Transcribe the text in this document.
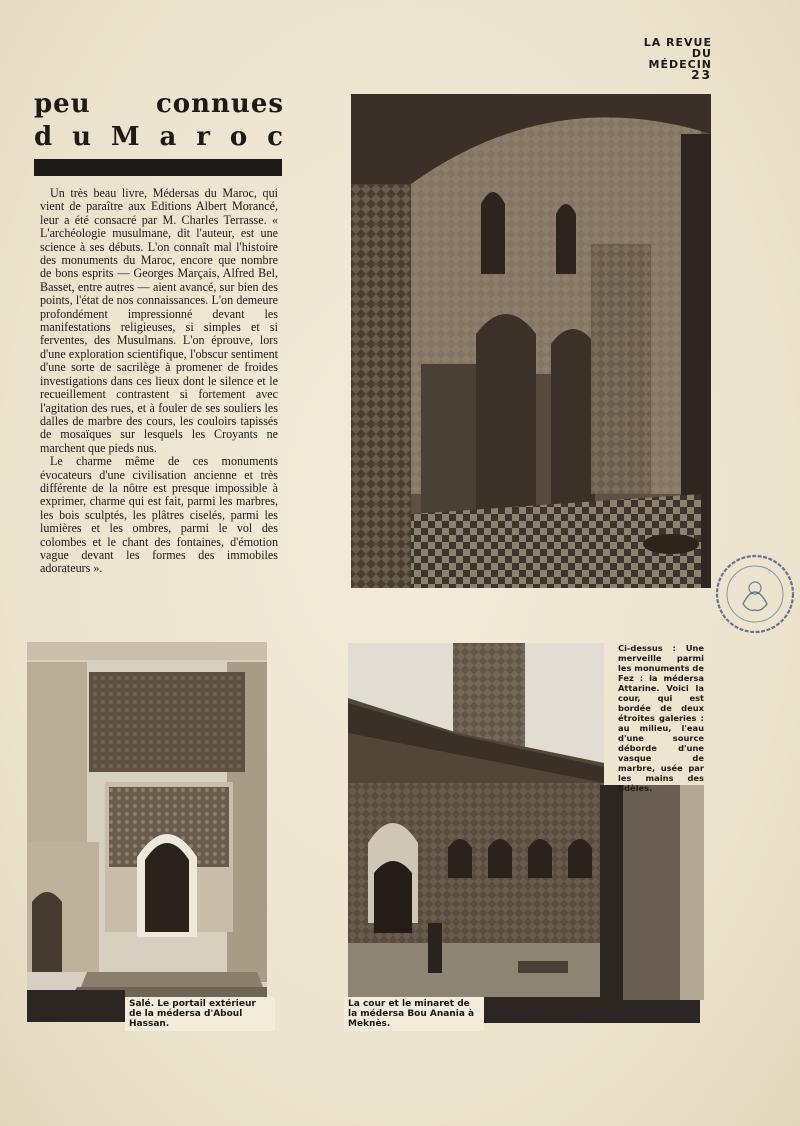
LA REVUE
DU
MÉDECIN
23
peu	connues
d u M a r o c

Un très beau livre, Médersas du Maroc, qui vient de paraître aux Editions Albert Morancé, leur a été consacré par M. Charles Terrasse. « L'archéologie musulmane, dit l'auteur, est une science à ses débuts. L'on connaît mal l'histoire des monuments du Maroc, encore que nombre de bons esprits — Georges Marçais, Alfred Bel, Basset, entre autres — aient avancé, sur bien des points, l'état de nos connaissances. L'on demeure profondément impressionné devant les manifestations religieuses, si simples et si ferventes, des Musulmans. L'on éprouve, lors d'une exploration scientifique, l'obscur sentiment d'une sorte de sacrilège à promener de froides investigations dans ces lieux dont le silence et le recueillement contrastent si fortement avec l'agitation des rues, et à fouler de ses souliers les dalles de marbre des cours, les couloirs tapissés de mosaïques sur lesquels les Croyants ne marchent que pieds nus.

Le charme même de ces monuments évocateurs d'une civilisation ancienne et très différente de la nôtre est presque impossible à exprimer, charme qui est fait, parmi les marbres, les bois sculptés, les plâtres ciselés, parmi les lumières et les ombres, parmi le vol des colombes et le chant des fontaines, d'émotion vague devant les formes des immobiles adorateurs ».

Salé. Le portail extérieur de la médersa d'Aboul Hassan.
La cour et le minaret de la médersa Bou Anania à Meknès.
Ci-dessus : Une merveille parmi les monuments de Fez : la médersa Attarine. Voici la cour, qui est bordée de deux étroites galeries : au milieu, l'eau d'une source déborde d'une vasque de marbre, usée par les mains des fidèles.
